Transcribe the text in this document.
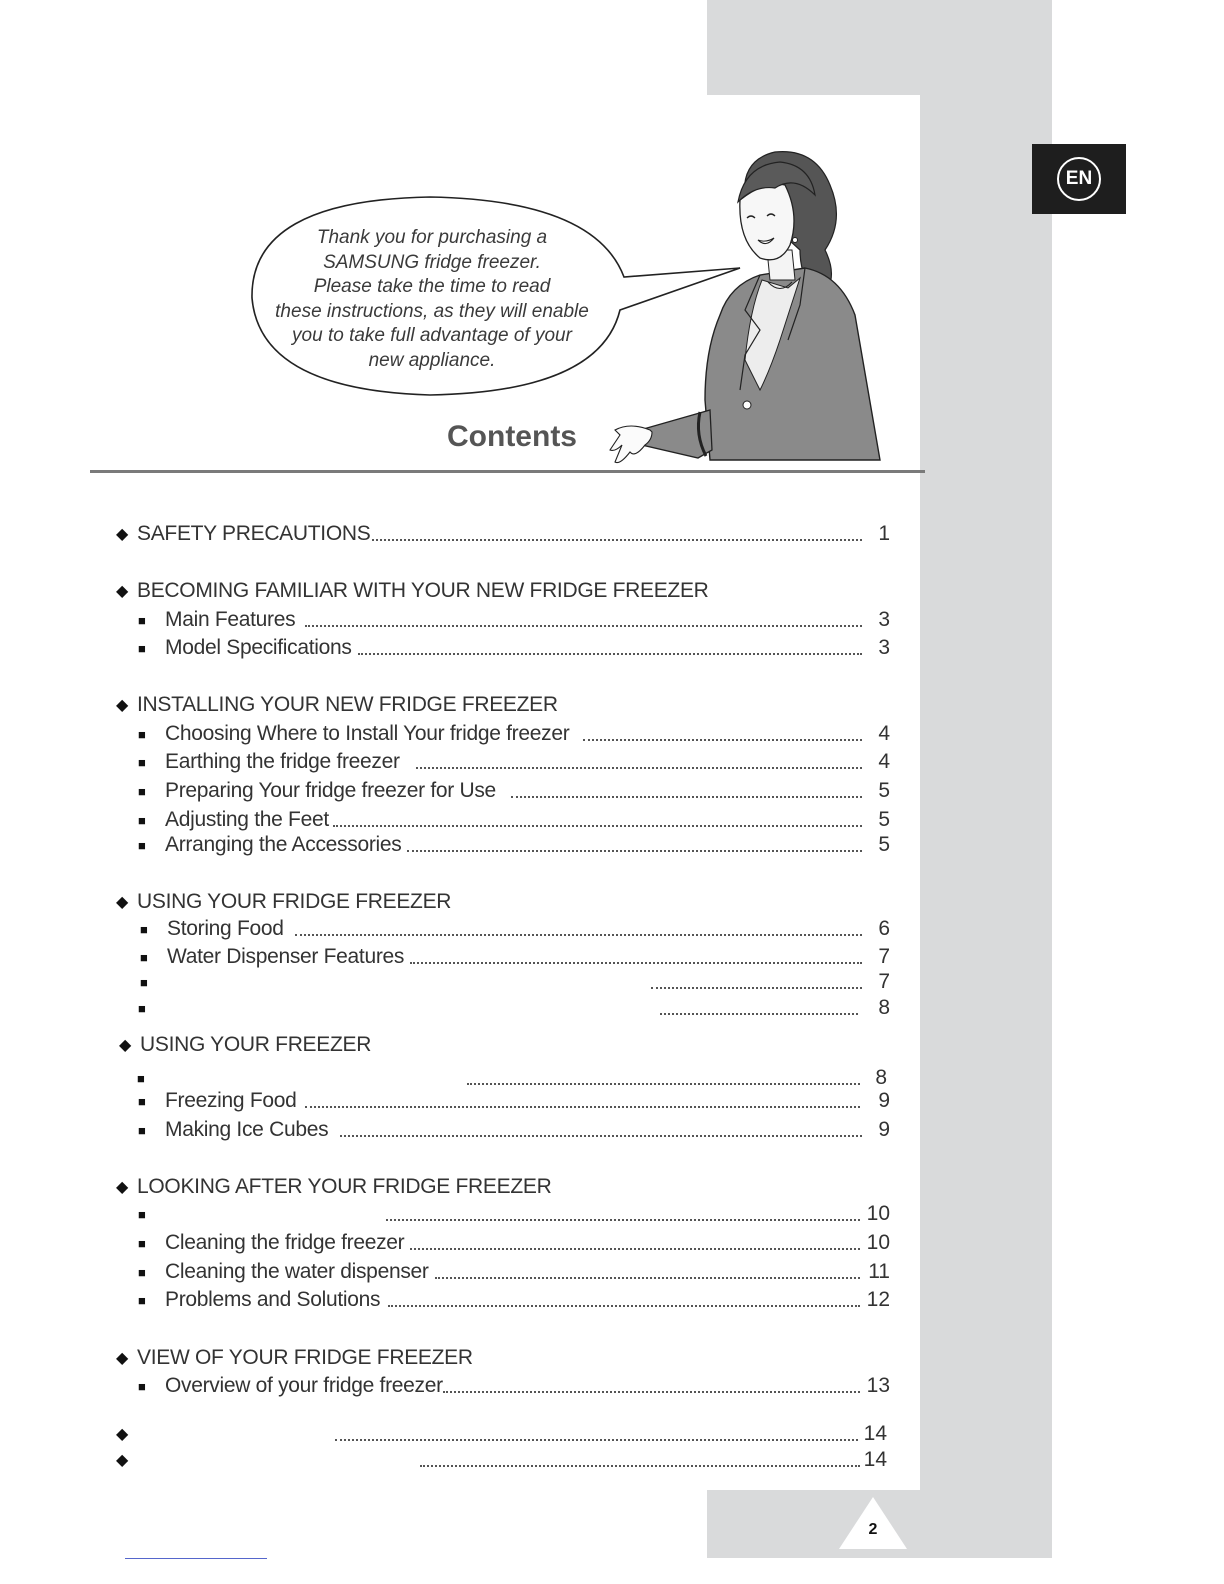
EN
Thank you for purchasing a
SAMSUNG fridge freezer.
Please take the time to read
these instructions, as they will enable
you to take full advantage of your
new appliance.
Contents
◆ SAFETY PRECAUTIONS	1
◆ BECOMING FAMILIAR WITH YOUR NEW FRIDGE FREEZER
■ Main Features	3
■ Model Specifications	3
◆ INSTALLING YOUR NEW FRIDGE FREEZER
■ Choosing Where to Install Your fridge freezer	4
■ Earthing the fridge freezer	4
■ Preparing Your fridge freezer for Use	5
■ Adjusting the Feet	5
■ Arranging the Accessories	5
◆ USING YOUR FRIDGE FREEZER
■ Storing Food	6
■ Water Dispenser Features	7
■	7
■	8
◆ USING YOUR FREEZER
■	8
■ Freezing Food	9
■ Making Ice Cubes	9
◆ LOOKING AFTER YOUR FRIDGE FREEZER
■	10
■ Cleaning the fridge freezer	10
■ Cleaning the water dispenser	11
■ Problems and Solutions	12
◆ VIEW OF YOUR FRIDGE FREEZER
■ Overview of your fridge freezer	13
◆	14
◆	14
2
